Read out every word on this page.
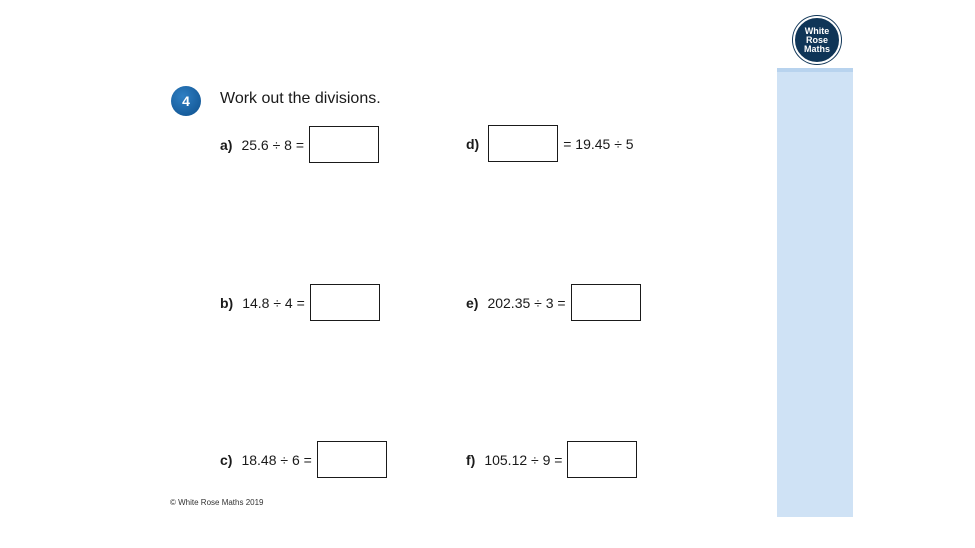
White
Rose
Maths
4	Work out the divisions.
a) 25.6 ÷ 8 =
b) 14.8 ÷ 4 =
c) 18.48 ÷ 6 =
d)	= 19.45 ÷ 5
e) 202.35 ÷ 3 =
f) 105.12 ÷ 9 =
© White Rose Maths 2019
